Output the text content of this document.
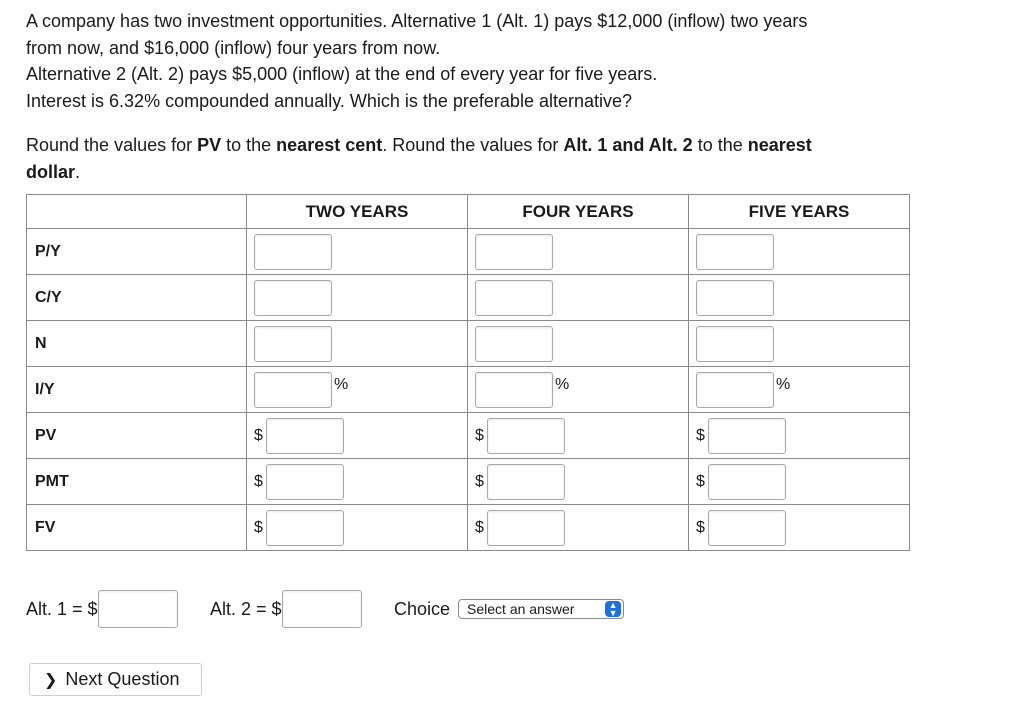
A company has two investment opportunities. Alternative 1 (Alt. 1) pays $12,000 (inflow) two years

from now, and $16,000 (inflow) four years from now.

Alternative 2 (Alt. 2) pays $5,000 (inflow) at the end of every year for five years.

Interest is 6.32% compounded annually. Which is the preferable alternative?

Round the values for PV to the nearest cent. Round the values for Alt. 1 and Alt. 2 to the nearest
dollar.
	TWO YEARS	FOUR YEARS	FIVE YEARS
P/Y	

C/Y	

N	

I/Y	%	%	%

PV	$	$	$

PMT	$	$	$

FV	$	$	$
Alt. 1 = $	Alt. 2 = $	Choice Select an answer	▲
▼
❯ Next Question
